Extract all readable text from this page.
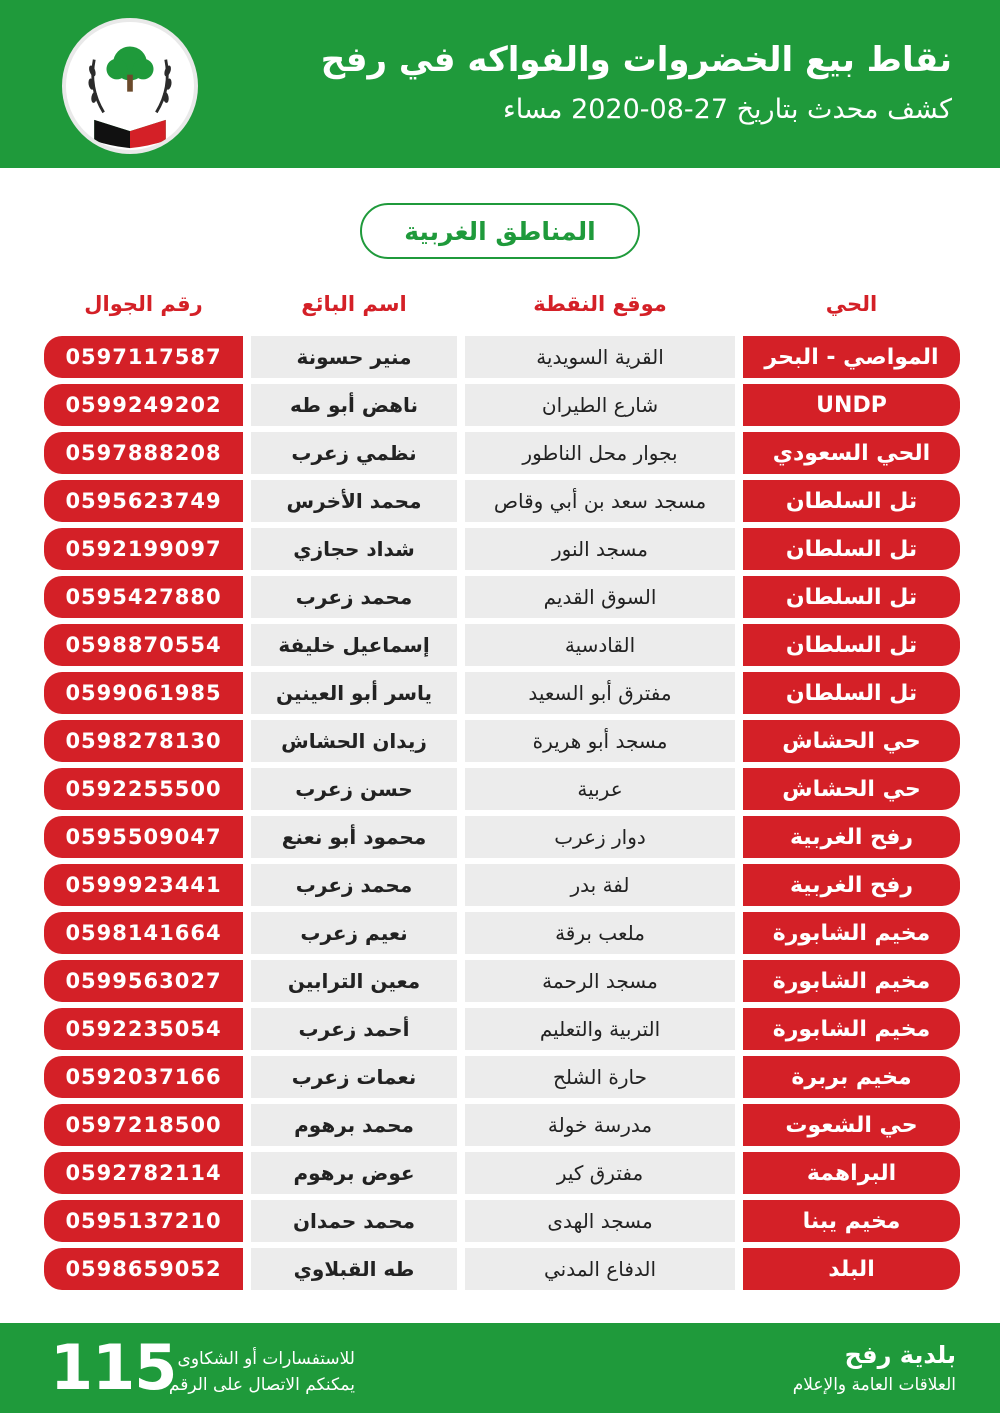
نقاط بيع الخضروات والفواكه في رفح
كشف محدث بتاريخ 27-08-2020 مساء
المناطق الغربية
رقم الجوال	اسم البائع	موقع النقطة	الحي
0597117587	منير حسونة	القرية السويدية	المواصي - البحر
0599249202	ناهض أبو طه	شارع الطيران	UNDP
0597888208	نظمي زعرب	بجوار محل الناطور	الحي السعودي
0595623749	محمد الأخرس	مسجد سعد بن أبي وقاص	تل السلطان
0592199097	شداد حجازي	مسجد النور	تل السلطان
0595427880	محمد زعرب	السوق القديم	تل السلطان
0598870554	إسماعيل خليفة	القادسية	تل السلطان
0599061985	ياسر أبو العينين	مفترق أبو السعيد	تل السلطان
0598278130	زيدان الحشاش	مسجد أبو هريرة	حي الحشاش
0592255500	حسن زعرب	عربية	حي الحشاش
0595509047	محمود أبو نعنع	دوار زعرب	رفح الغربية
0599923441	محمد زعرب	لفة بدر	رفح الغربية
0598141664	نعيم زعرب	ملعب برقة	مخيم الشابورة
0599563027	معين الترابين	مسجد الرحمة	مخيم الشابورة
0592235054	أحمد زعرب	التربية والتعليم	مخيم الشابورة
0592037166	نعمات زعرب	حارة الشلح	مخيم بربرة
0597218500	محمد برهوم	مدرسة خولة	حي الشعوت
0592782114	عوض برهوم	مفترق كير	البراهمة
0595137210	محمد حمدان	مسجد الهدى	مخيم يبنا
0598659052	طه القبلاوي	الدفاع المدني	البلد
115 للاستفسارات أو الشكاوى
يمكنكم الاتصال على الرقم
بلدية رفح
العلاقات العامة والإعلام
